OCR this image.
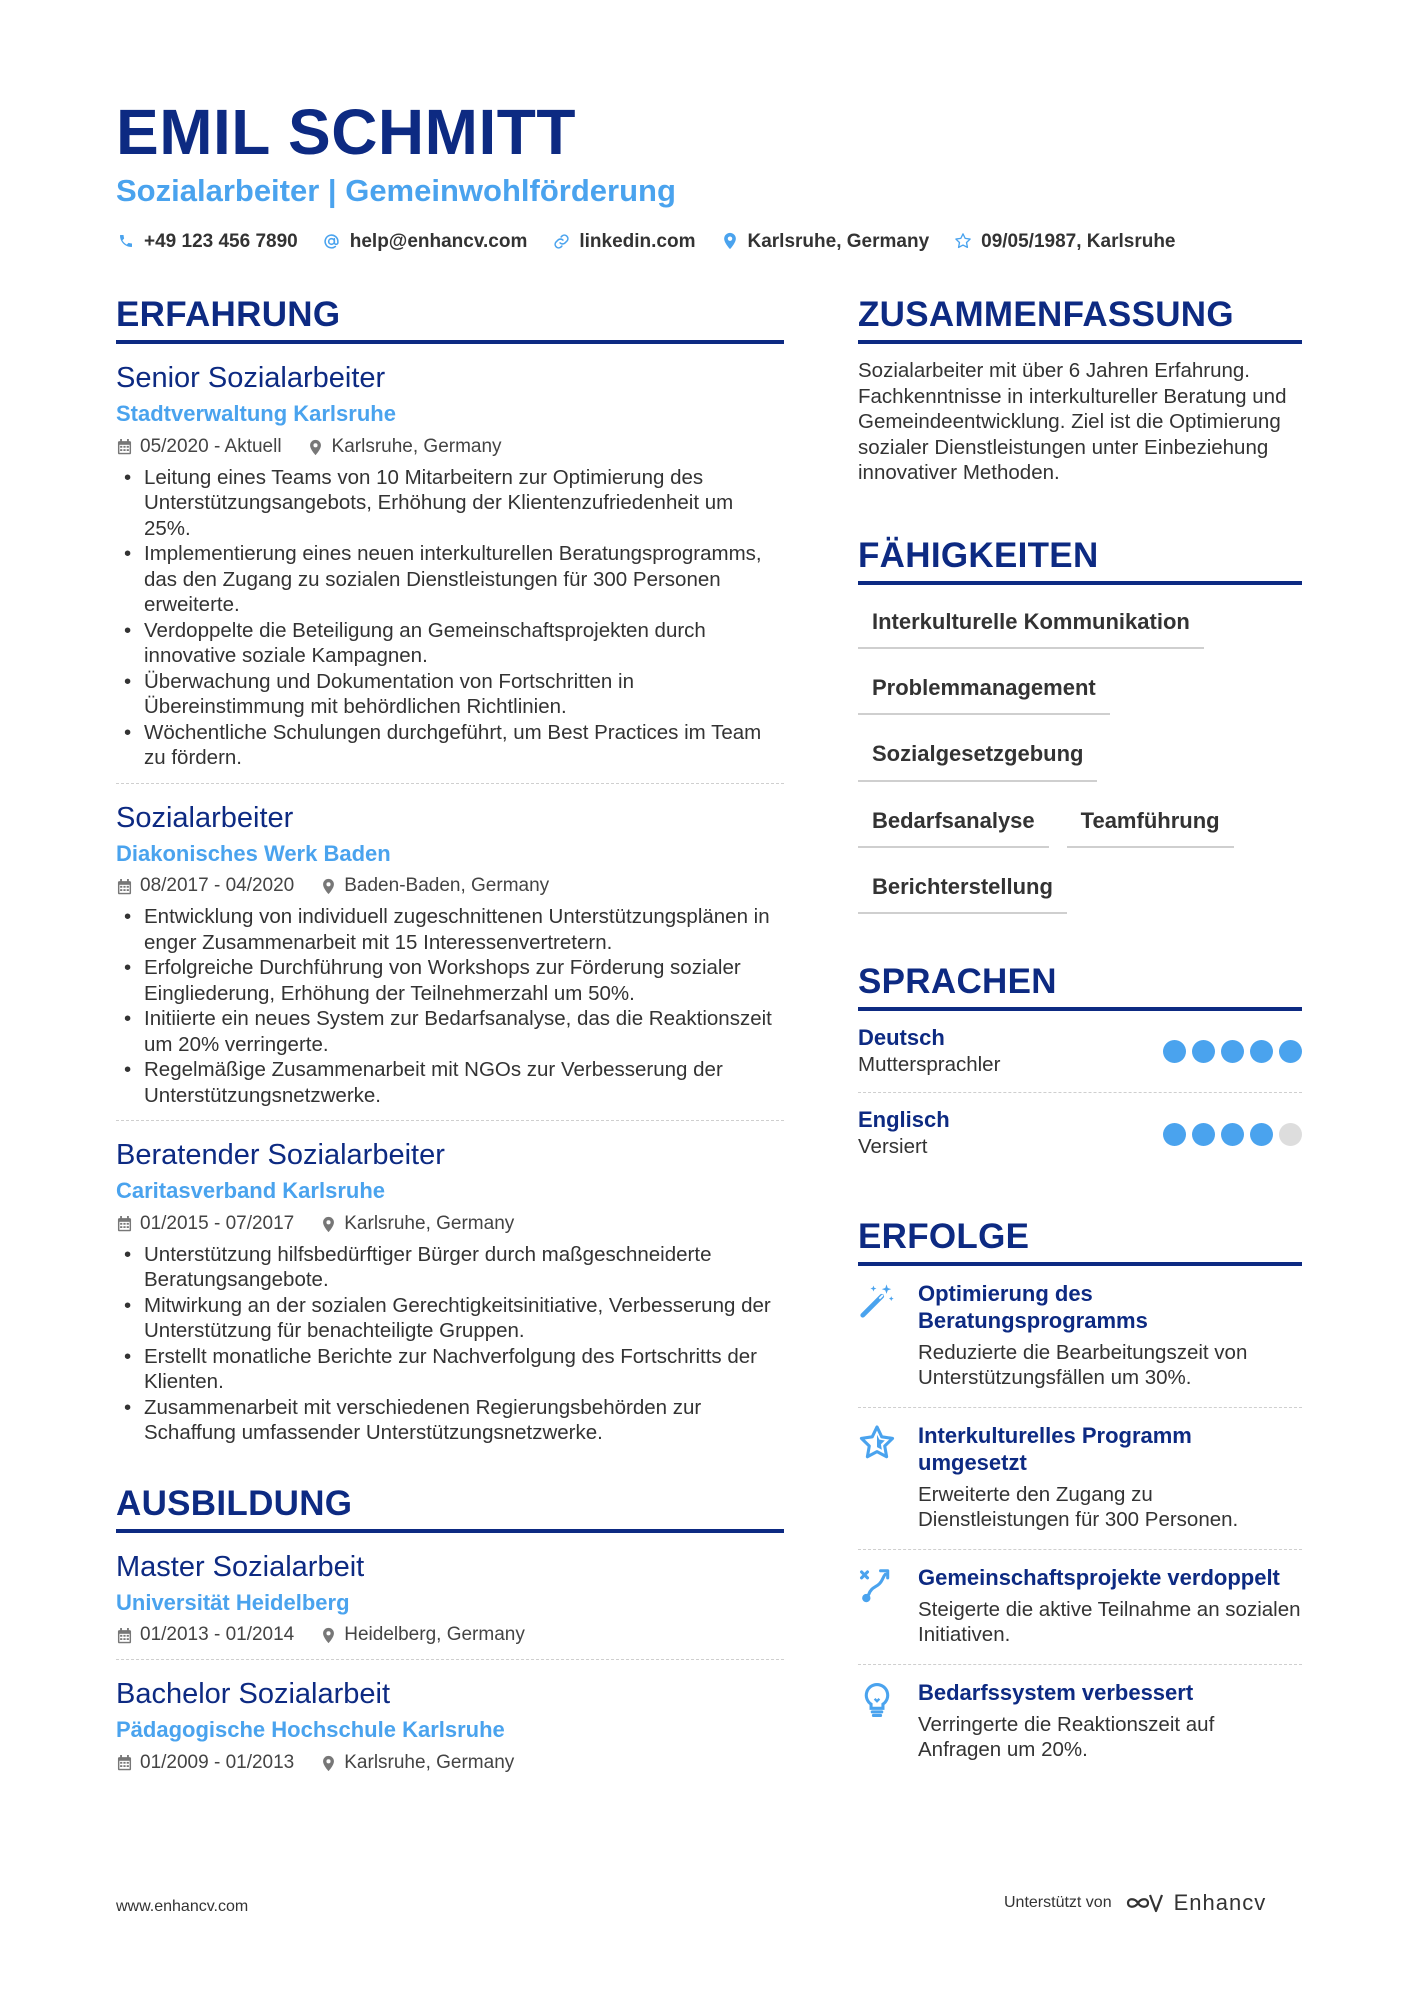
EMIL SCHMITT
Sozialarbeiter | Gemeinwohlförderung
+49 123 456 7890	help@enhancv.com	linkedin.com	Karlsruhe, Germany	09/05/1987, Karlsruhe
ERFAHRUNG
Senior Sozialarbeiter
Stadtverwaltung Karlsruhe
05/2020 - Aktuell	Karlsruhe, Germany
• Leitung eines Teams von 10 Mitarbeitern zur Optimierung des Unterstützungsangebots, Erhöhung der Klientenzufriedenheit um 25%.
• Implementierung eines neuen interkulturellen Beratungsprogramms, das den Zugang zu sozialen Dienstleistungen für 300 Personen erweiterte.
• Verdoppelte die Beteiligung an Gemeinschaftsprojekten durch innovative soziale Kampagnen.
• Überwachung und Dokumentation von Fortschritten in Übereinstimmung mit behördlichen Richtlinien.
• Wöchentliche Schulungen durchgeführt, um Best Practices im Team zu fördern.
Sozialarbeiter
Diakonisches Werk Baden
08/2017 - 04/2020	Baden-Baden, Germany
• Entwicklung von individuell zugeschnittenen Unterstützungsplänen in enger Zusammenarbeit mit 15 Interessenvertretern.
• Erfolgreiche Durchführung von Workshops zur Förderung sozialer Eingliederung, Erhöhung der Teilnehmerzahl um 50%.
• Initiierte ein neues System zur Bedarfsanalyse, das die Reaktionszeit um 20% verringerte.
• Regelmäßige Zusammenarbeit mit NGOs zur Verbesserung der Unterstützungsnetzwerke.
Beratender Sozialarbeiter
Caritasverband Karlsruhe
01/2015 - 07/2017	Karlsruhe, Germany
• Unterstützung hilfsbedürftiger Bürger durch maßgeschneiderte Beratungsangebote.
• Mitwirkung an der sozialen Gerechtigkeitsinitiative, Verbesserung der Unterstützung für benachteiligte Gruppen.
• Erstellt monatliche Berichte zur Nachverfolgung des Fortschritts der Klienten.
• Zusammenarbeit mit verschiedenen Regierungsbehörden zur Schaffung umfassender Unterstützungsnetzwerke.
AUSBILDUNG
Master Sozialarbeit
Universität Heidelberg
01/2013 - 01/2014	Heidelberg, Germany
Bachelor Sozialarbeit
Pädagogische Hochschule Karlsruhe
01/2009 - 01/2013	Karlsruhe, Germany
ZUSAMMENFASSUNG
Sozialarbeiter mit über 6 Jahren Erfahrung. Fachkenntnisse in interkultureller Beratung und Gemeindeentwicklung. Ziel ist die Optimierung sozialer Dienstleistungen unter Einbeziehung innovativer Methoden.
FÄHIGKEITEN
Interkulturelle Kommunikation
Problemmanagement
Sozialgesetzgebung
Bedarfsanalyse	Teamführung
Berichterstellung
SPRACHEN
Deutsch
Muttersprachler
Englisch
Versiert
ERFOLGE
Optimierung des Beratungsprogramms
Reduzierte die Bearbeitungszeit von Unterstützungsfällen um 30%.
Interkulturelles Programm umgesetzt
Erweiterte den Zugang zu Dienstleistungen für 300 Personen.
Gemeinschaftsprojekte verdoppelt
Steigerte die aktive Teilnahme an sozialen Initiativen.
Bedarfssystem verbessert
Verringerte die Reaktionszeit auf Anfragen um 20%.
www.enhancv.com	Unterstützt von	Enhancv
